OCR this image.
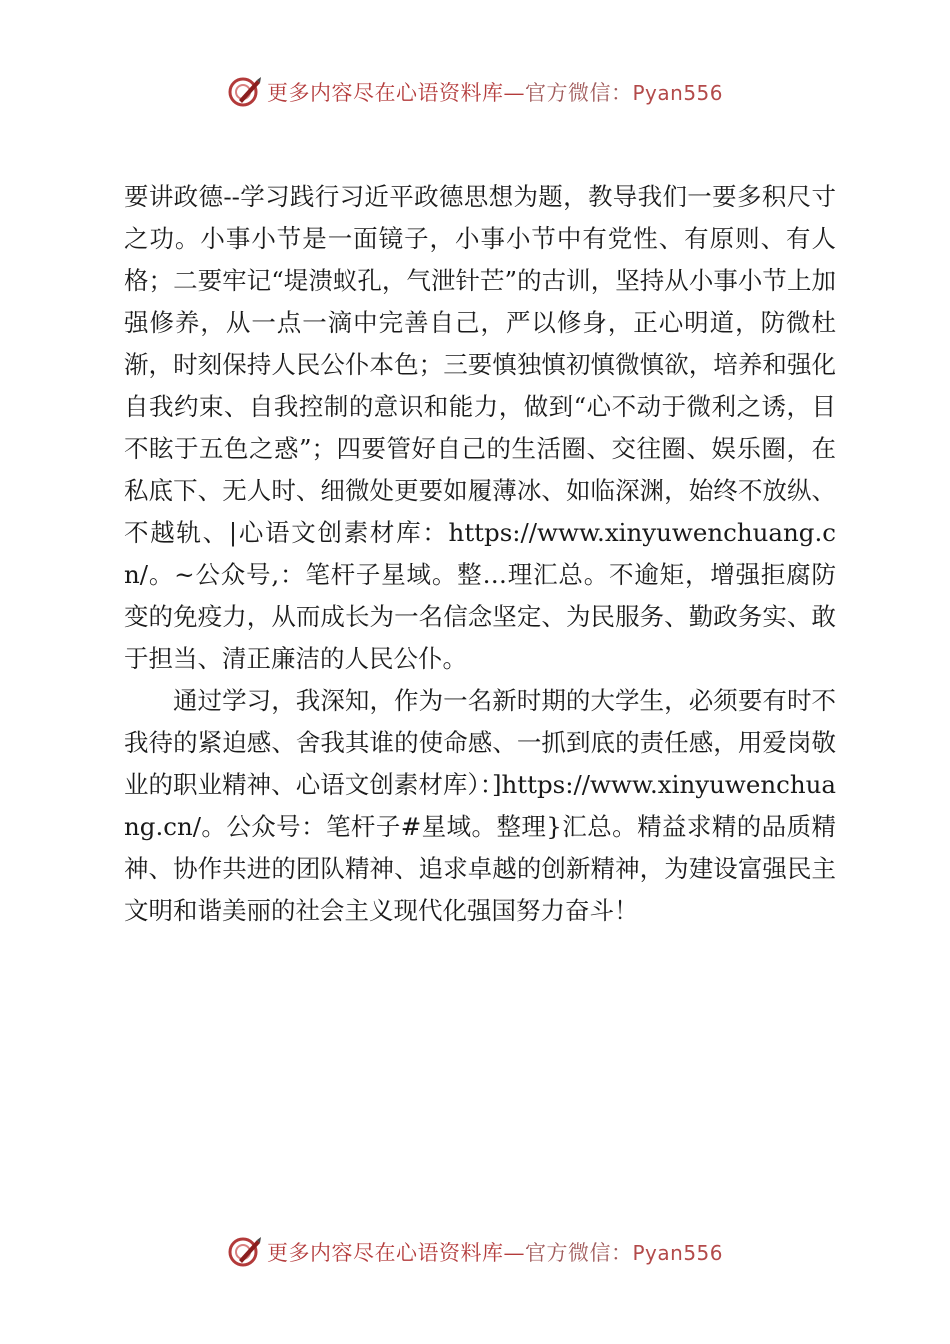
更多内容尽在心语资料库—官方微信：Pyan556

要讲政德--学习践行习近平政德思想为题，教导我们一要多积尺寸之功。小事小节是一面镜子，小事小节中有党性、有原则、有人格；二要牢记“堤溃蚁孔，气泄针芒”的古训，坚持从小事小节上加强修养，从一点一滴中完善自己，严以修身，正心明道，防微杜渐，时刻保持人民公仆本色；三要慎独慎初慎微慎欲，培养和强化自我约束、自我控制的意识和能力，做到“心不动于微利之诱，目不眩于五色之惑”；四要管好自己的生活圈、交往圈、娱乐圈，在私底下、无人时、细微处更要如履薄冰、如临深渊，始终不放纵、不越轨、|心语文创素材库：https://www.xinyuwenchuang.cn/。~公众号,：笔杆子星域。整…理汇总。不逾矩，增强拒腐防变的免疫力，从而成长为一名信念坚定、为民服务、勤政务实、敢于担当、清正廉洁的人民公仆。

通过学习，我深知，作为一名新时期的大学生，必须要有时不我待的紧迫感、舍我其谁的使命感、一抓到底的责任感，用爱岗敬业的职业精神、心语文创素材库）：]https://www.xinyuwenchuang.cn/。公众号：笔杆子#星域。整理}汇总。精益求精的品质精神、协作共进的团队精神、追求卓越的创新精神，为建设富强民主文明和谐美丽的社会主义现代化强国努力奋斗！

更多内容尽在心语资料库—官方微信：Pyan556
